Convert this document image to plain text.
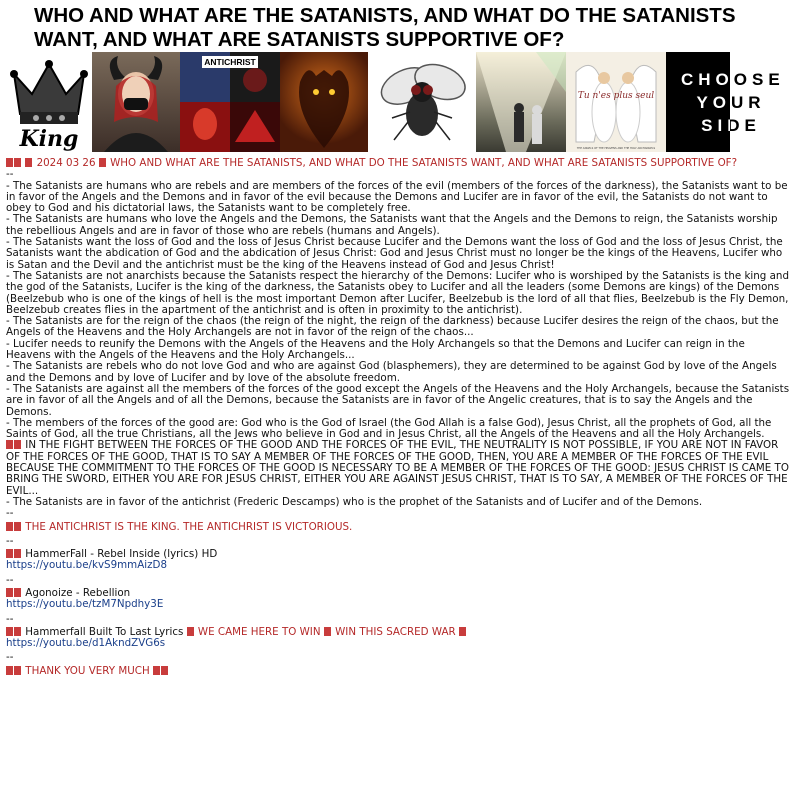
WHO AND WHAT ARE THE SATANISTS, AND WHAT DO THE SATANISTS WANT, AND WHAT ARE SATANISTS SUPPORTIVE OF?
King
ANTICHRIST
Tu n'es plus seul
THE ANGELS OF THE HEAVENS AND THE HOLY ARCHANGELS
CHOOSE YOUR SIDE

2024 03 26 WHO AND WHAT ARE THE SATANISTS, AND WHAT DO THE SATANISTS WANT, AND WHAT ARE SATANISTS SUPPORTIVE OF?

--

- The Satanists are humans who are rebels and are members of the forces of the evil (members of the forces of the darkness), the Satanists want to be in favor of the Angels and the Demons and in favor of the evil because the Demons and Lucifer are in favor of the evil, the Satanists do not want to obey to God and his dictatorial laws, the Satanists want to be completely free.

- The Satanists are humans who love the Angels and the Demons, the Satanists want that the Angels and the Demons to reign, the Satanists worship the rebellious Angels and are in favor of those who are rebels (humans and Angels).

- The Satanists want the loss of God and the loss of Jesus Christ because Lucifer and the Demons want the loss of God and the loss of Jesus Christ, the Satanists want the abdication of God and the abdication of Jesus Christ: God and Jesus Christ must no longer be the kings of the Heavens, Lucifer who is Satan and the Devil and the antichrist must be the king of the Heavens instead of God and Jesus Christ!

- The Satanists are not anarchists because the Satanists respect the hierarchy of the Demons: Lucifer who is worshiped by the Satanists is the king and the god of the Satanists, Lucifer is the king of the darkness, the Satanists obey to Lucifer and all the leaders (some Demons are kings) of the Demons (Beelzebub who is one of the kings of hell is the most important Demon after Lucifer, Beelzebub is the lord of all that flies, Beelzebub is the Fly Demon, Beelzebub creates flies in the apartment of the antichrist and is often in proximity to the antichrist).

- The Satanists are for the reign of the chaos (the reign of the night, the reign of the darkness) because Lucifer desires the reign of the chaos, but the Angels of the Heavens and the Holy Archangels are not in favor of the reign of the chaos...

- Lucifer needs to reunify the Demons with the Angels of the Heavens and the Holy Archangels so that the Demons and Lucifer can reign in the Heavens with the Angels of the Heavens and the Holy Archangels...

- The Satanists are rebels who do not love God and who are against God (blasphemers), they are determined to be against God by love of the Angels and the Demons and by love of Lucifer and by love of the absolute freedom.

- The Satanists are against all the members of the forces of the good except the Angels of the Heavens and the Holy Archangels, because the Satanists are in favor of all the Angels and of all the Demons, because the Satanists are in favor of the Angelic creatures, that is to say the Angels and the Demons.

- The members of the forces of the good are: God who is the God of Israel (the God Allah is a false God), Jesus Christ, all the prophets of God, all the Saints of God, all the true Christians, all the Jews who believe in God and in Jesus Christ, all the Angels of the Heavens and all the Holy Archangels.

IN THE FIGHT BETWEEN THE FORCES OF THE GOOD AND THE FORCES OF THE EVIL, THE NEUTRALITY IS NOT POSSIBLE, IF YOU ARE NOT IN FAVOR OF THE FORCES OF THE GOOD, THAT IS TO SAY A MEMBER OF THE FORCES OF THE GOOD, THEN, YOU ARE A MEMBER OF THE FORCES OF THE EVIL BECAUSE THE COMMITMENT TO THE FORCES OF THE GOOD IS NECESSARY TO BE A MEMBER OF THE FORCES OF THE GOOD: JESUS CHRIST IS CAME TO BRING THE SWORD, EITHER YOU ARE FOR JESUS CHRIST, EITHER YOU ARE AGAINST JESUS CHRIST, THAT IS TO SAY, A MEMBER OF THE FORCES OF THE EVIL...

- The Satanists are in favor of the antichrist (Frederic Descamps) who is the prophet of the Satanists and of Lucifer and of the Demons.

--

THE ANTICHRIST IS THE KING. THE ANTICHRIST IS VICTORIOUS.

--

HammerFall - Rebel Inside (lyrics) HD

https://youtu.be/kvS9mmAizD8

--

Agonoize - Rebellion

https://youtu.be/tzM7Npdhy3E

--

Hammerfall Built To Last Lyrics WE CAME HERE TO WIN WIN THIS SACRED WAR

https://youtu.be/d1AkndZVG6s

--

THANK YOU VERY MUCH
